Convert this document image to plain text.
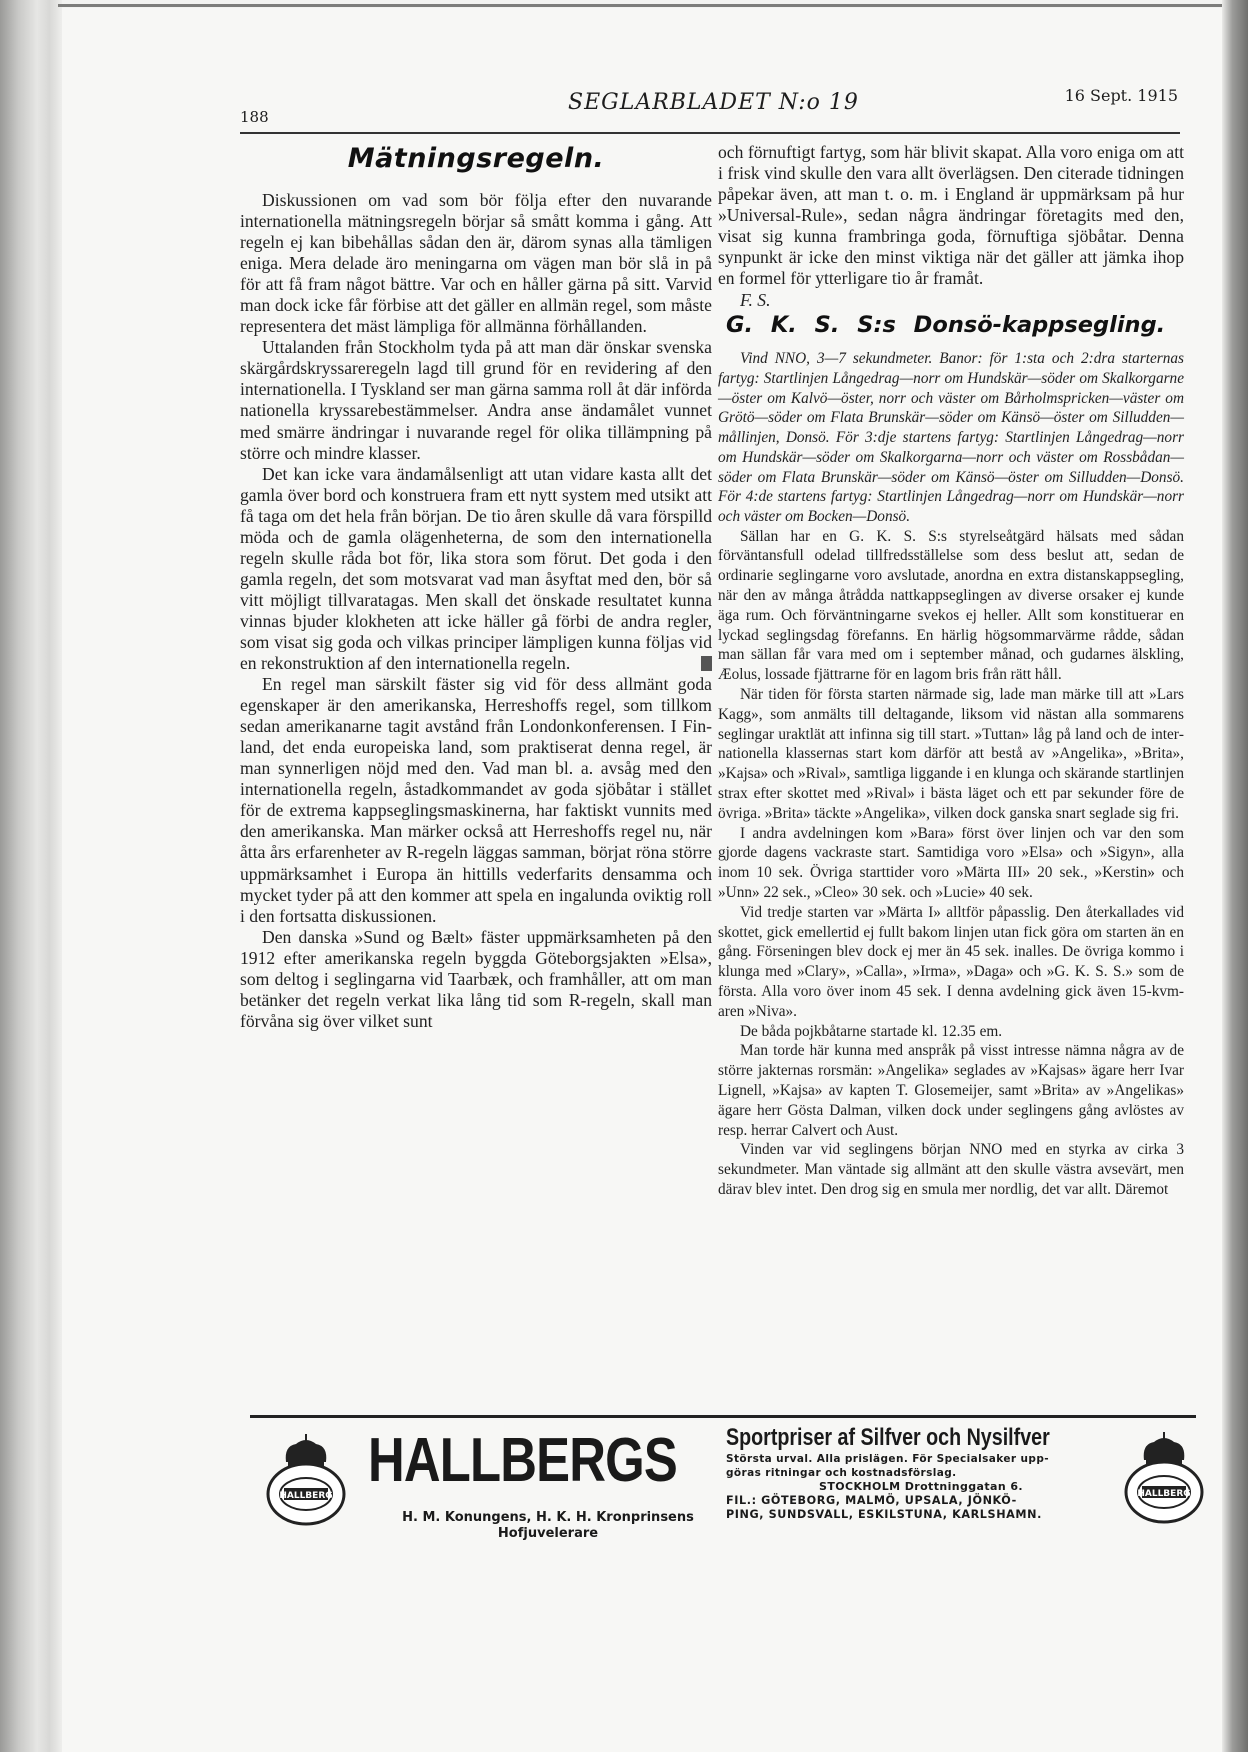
188
SEGLARBLADET N:o 19	16 Sept. 1915
Mätningsregeln.

Diskussionen om vad som bör följa efter den nuvarande internationella mätningsregeln börjar så smått komma i gång. Att regeln ej kan bibehållas sådan den är, därom synas alla tämligen eniga. Mera delade äro meningarna om vägen man bör slå in på för att få fram något bättre. Var och en håller gärna på sitt. Varvid man dock icke får förbise att det gäller en allmän regel, som måste representera det mäst lämpliga för allmänna förhållanden.

Uttalanden från Stockholm tyda på att man där önskar svenska skärgårdskryssareregeln lagd till grund för en revidering af den internationella. I Tyskland ser man gärna samma roll åt där införda nationella kryssarebestämmelser. Andra anse ändamålet vunnet med smärre ändringar i nuvarande regel för olika tillämpning på större och mindre klasser.

Det kan icke vara ändamålsenligt att utan vidare kasta allt det gamla över bord och konstruera fram ett nytt system med utsikt att få taga om det hela från början. De tio åren skulle då vara förspilld möda och de gamla olägenheterna, de som den internationella regeln skulle råda bot för, lika stora som förut. Det goda i den gamla regeln, det som motsvarat vad man åsyftat med den, bör så vitt möjligt tillvaratagas. Men skall det önskade resultatet kunna vinnas bjuder klokheten att icke häller gå förbi de andra regler, som visat sig goda och vilkas principer lämpligen kunna följas vid en rekonstruktion af den internationella regeln.

En regel man särskilt fäster sig vid för dess allmänt goda egenskaper är den amerikanska, Herreshoffs regel, som tillkom sedan amerikanarne tagit avstånd från Londonkonferensen. I Finland, det enda europeiska land, som praktiserat denna regel, är man synnerligen nöjd med den. Vad man bl. a. avsåg med den internationella regeln, åstadkommandet av goda sjöbåtar i stället för de extrema kappseglingsmaskinerna, har faktiskt vunnits med den amerikanska. Man märker också att Herreshoffs regel nu, när åtta års erfarenheter av R-regeln läggas samman, börjat röna större uppmärksamhet i Europa än hittills vederfarits densamma och mycket tyder på att den kommer att spela en ingalunda oviktig roll i den fortsatta diskussionen.

Den danska »Sund og Bælt» fäster uppmärksamheten på den 1912 efter amerikanska regeln byggda Göteborgsjakten »Elsa», som deltog i seglingarna vid Taarbæk, och framhåller, att om man betänker det regeln verkat lika lång tid som R-regeln, skall man förvåna sig över vilket sunt

och förnuftigt fartyg, som här blivit skapat. Alla voro eniga om att i frisk vind skulle den vara allt överlägsen. Den citerade tidningen påpekar även, att man t. o. m. i England är uppmärksam på hur »Universal-Rule», sedan några ändringar företagits med den, visat sig kunna frambringa goda, förnuftiga sjöbåtar. Denna synpunkt är icke den minst viktiga när det gäller att jämka ihop en formel för ytterligare tio år framåt.

F. S.

G. K. S. S:s Donsö-kappsegling.

Vind NNO, 3—7 sekundmeter. Banor: för 1:sta och 2:dra starternas fartyg: Startlinjen Långedrag—norr om Hundskär—söder om Skalkorgarne—öster om Kalvö—öster, norr och väster om Bårholmspricken—väster om Grötö—söder om Flata Brunskär—söder om Känsö—öster om Silludden—mållinjen, Donsö. För 3:dje startens fartyg: Startlinjen Långedrag—norr om Hundskär—söder om Skalkorgarna—norr och väster om Rossbådan—söder om Flata Brunskär—söder om Känsö—öster om Silludden—Donsö. För 4:de startens fartyg: Startlinjen Långedrag—norr om Hundskär—norr och väster om Bocken—Donsö.

Sällan har en G. K. S. S:s styrelseåtgärd hälsats med sådan förväntansfull odelad tillfredsställelse som dess beslut att, sedan de ordinarie seglingarne voro avslutade, anordna en extra distanskappsegling, när den av många åtrådda nattkappseglingen av diverse orsaker ej kunde äga rum. Och förväntningarne svekos ej heller. Allt som konstituerar en lyckad seglingsdag förefanns. En härlig högsommarvärme rådde, sådan man sällan får vara med om i september månad, och gudarnes älskling, Æolus, lossade fjättrarne för en lagom bris från rätt håll.

När tiden för första starten närmade sig, lade man märke till att »Lars Kagg», som anmälts till deltagande, liksom vid nästan alla sommarens seglingar uraktlät att infinna sig till start. »Tuttan» låg på land och de internationella klassernas start kom därför att bestå av »Angelika», »Brita», »Kajsa» och »Rival», samtliga liggande i en klunga och skärande startlinjen strax efter skottet med »Rival» i bästa läget och ett par sekunder före de övriga. »Brita» täckte »Angelika», vilken dock ganska snart seglade sig fri.

I andra avdelningen kom »Bara» först över linjen och var den som gjorde dagens vackraste start. Samtidiga voro »Elsa» och »Sigyn», alla inom 10 sek. Övriga starttider voro »Märta III» 20 sek., »Kerstin» och »Unn» 22 sek., »Cleo» 30 sek. och »Lucie» 40 sek.

Vid tredje starten var »Märta I» alltför påpasslig. Den återkallades vid skottet, gick emellertid ej fullt bakom linjen utan fick göra om starten än en gång. Förseningen blev dock ej mer än 45 sek. inalles. De övriga kommo i klunga med »Clary», »Calla», »Irma», »Daga» och »G. K. S. S.» som de första. Alla voro över inom 45 sek. I denna avdelning gick även 15-kvm-aren »Niva».

De båda pojkbåtarne startade kl. 12.35 em.

Man torde här kunna med anspråk på visst intresse nämna några av de större jakternas rorsmän: »Angelika» seglades av »Kajsas» ägare herr Ivar Lignell, »Kajsa» av kapten T. Glosemeijer, samt »Brita» av »Angelikas» ägare herr Gösta Dalman, vilken dock under seglingens gång avlöstes av resp. herrar Calvert och Aust.

Vinden var vid seglingens början NNO med en styrka av cirka 3 sekundmeter. Man väntade sig allmänt att den skulle västra avsevärt, men därav blev intet. Den drog sig en smula mer nordlig, det var allt. Däremot

HALLBERG
HALLBERGS
H. M. Konungens, H. K. H. Kronprinsens
Hofjuvelerare
Sportpriser af Silfver och Nysilfver
Största urval. Alla prislägen. För Specialsaker upp-
göras ritningar och kostnadsförslag.
STOCKHOLM Drottninggatan 6.
FIL.: GÖTEBORG, MALMÖ, UPSALA, JÖNKÖ-
PING, SUNDSVALL, ESKILSTUNA, KARLSHAMN.
HALLBERG
